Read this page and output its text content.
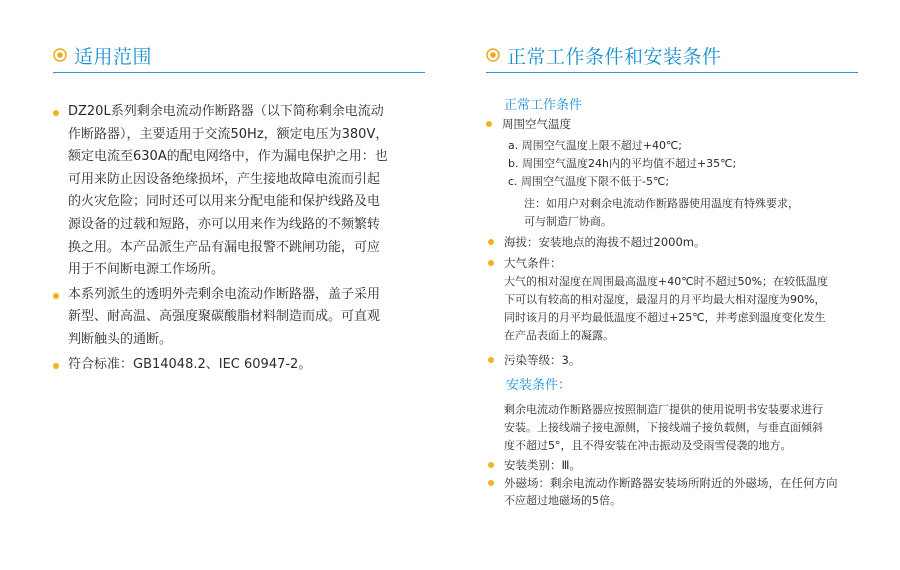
适用范围
DZ20L系列剩余电流动作断路器（以下简称剩余电流动
作断路器），主要适用于交流50Hz，额定电压为380V，
额定电流至630A的配电网络中，作为漏电保护之用：也
可用来防止因设备绝缘损坏，产生接地故障电流而引起
的火灾危险；同时还可以用来分配电能和保护线路及电
源设备的过载和短路，亦可以用来作为线路的不频繁转
换之用。本产品派生产品有漏电报警不跳闸功能，可应
用于不间断电源工作场所。
本系列派生的透明外壳剩余电流动作断路器，盖子采用
新型、耐高温、高强度聚碳酸脂材料制造而成。可直观
判断触头的通断。
符合标准：GB14048.2、IEC 60947-2。
正常工作条件和安装条件
正常工作条件
周围空气温度
a. 周围空气温度上限不超过+40℃;
b. 周围空气温度24h内的平均值不超过+35℃;
c. 周围空气温度下限不低于-5℃;
注：如用户对剩余电流动作断路器使用温度有特殊要求，
可与制造厂协商。
海拔：安装地点的海拔不超过2000m。
大气条件：
大气的相对湿度在周围最高温度+40℃时不超过50%；在较低温度
下可以有较高的相对湿度，最湿月的月平均最大相对湿度为90%，
同时该月的月平均最低温度不超过+25℃，并考虑到温度变化发生
在产品表面上的凝露。
污染等级：3。
安装条件：
剩余电流动作断路器应按照制造厂提供的使用说明书安装要求进行
安装。上接线端子接电源侧，下接线端子接负载侧，与垂直面倾斜
度不超过5°，且不得安装在冲击振动及受雨雪侵袭的地方。
安装类别：Ⅲ。
外磁场：剩余电流动作断路器安装场所附近的外磁场，在任何方向
不应超过地磁场的5倍。
